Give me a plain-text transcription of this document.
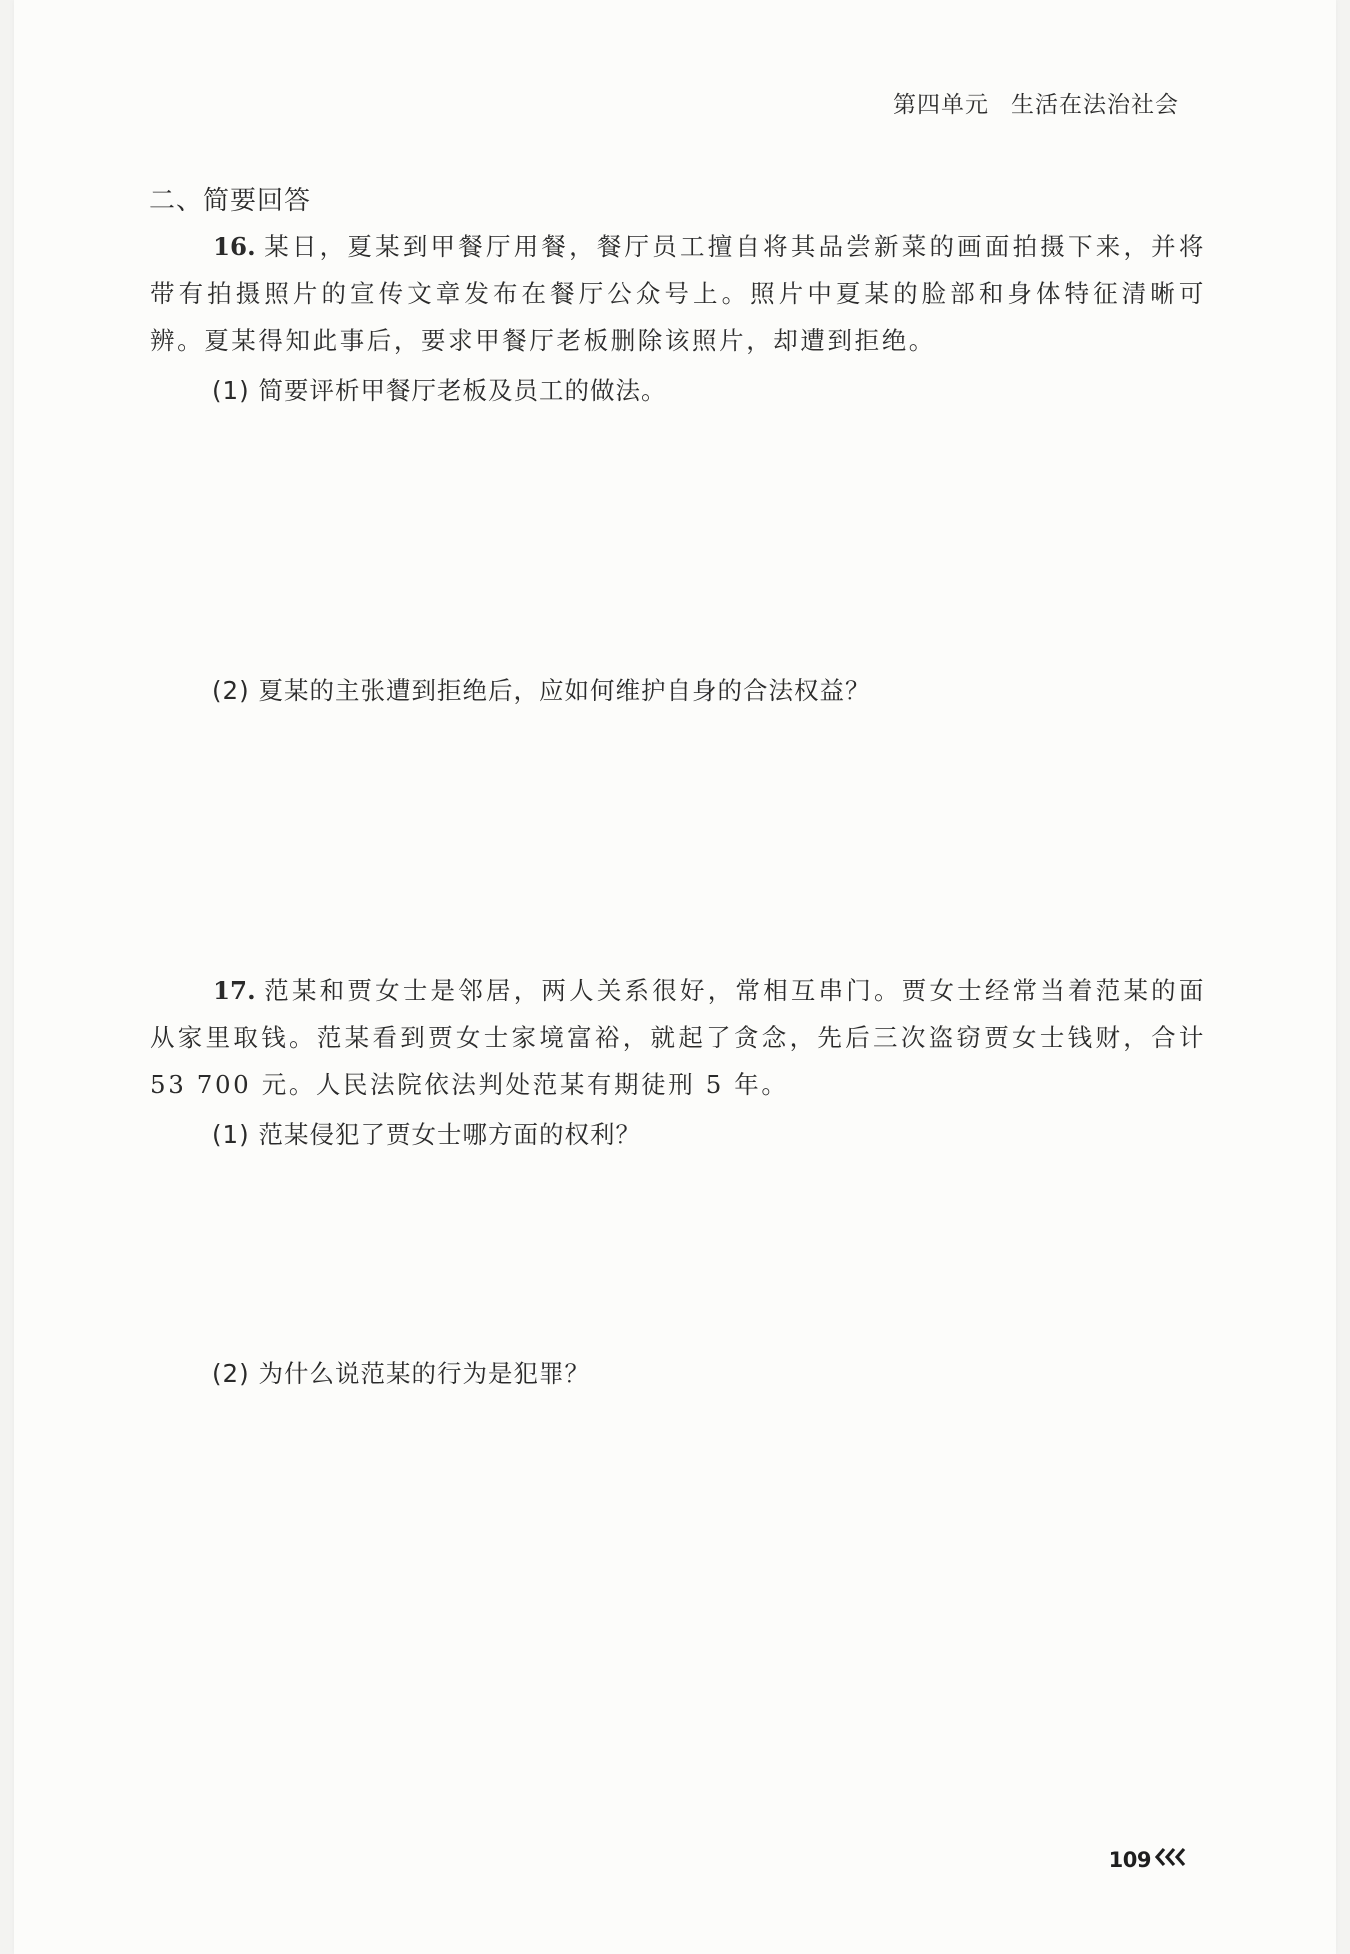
第四单元 生活在法治社会
二、简要回答
16. 某日，夏某到甲餐厅用餐，餐厅员工擅自将其品尝新菜的画面拍摄下来，并将带有拍摄照片的宣传文章发布在餐厅公众号上。照片中夏某的脸部和身体特征清晰可辨。夏某得知此事后，要求甲餐厅老板删除该照片，却遭到拒绝。
(1) 简要评析甲餐厅老板及员工的做法。
(2) 夏某的主张遭到拒绝后，应如何维护自身的合法权益？
17. 范某和贾女士是邻居，两人关系很好，常相互串门。贾女士经常当着范某的面从家里取钱。范某看到贾女士家境富裕，就起了贪念，先后三次盗窃贾女士钱财，合计53 700 元。人民法院依法判处范某有期徒刑 5 年。
(1) 范某侵犯了贾女士哪方面的权利？
(2) 为什么说范某的行为是犯罪？
109
